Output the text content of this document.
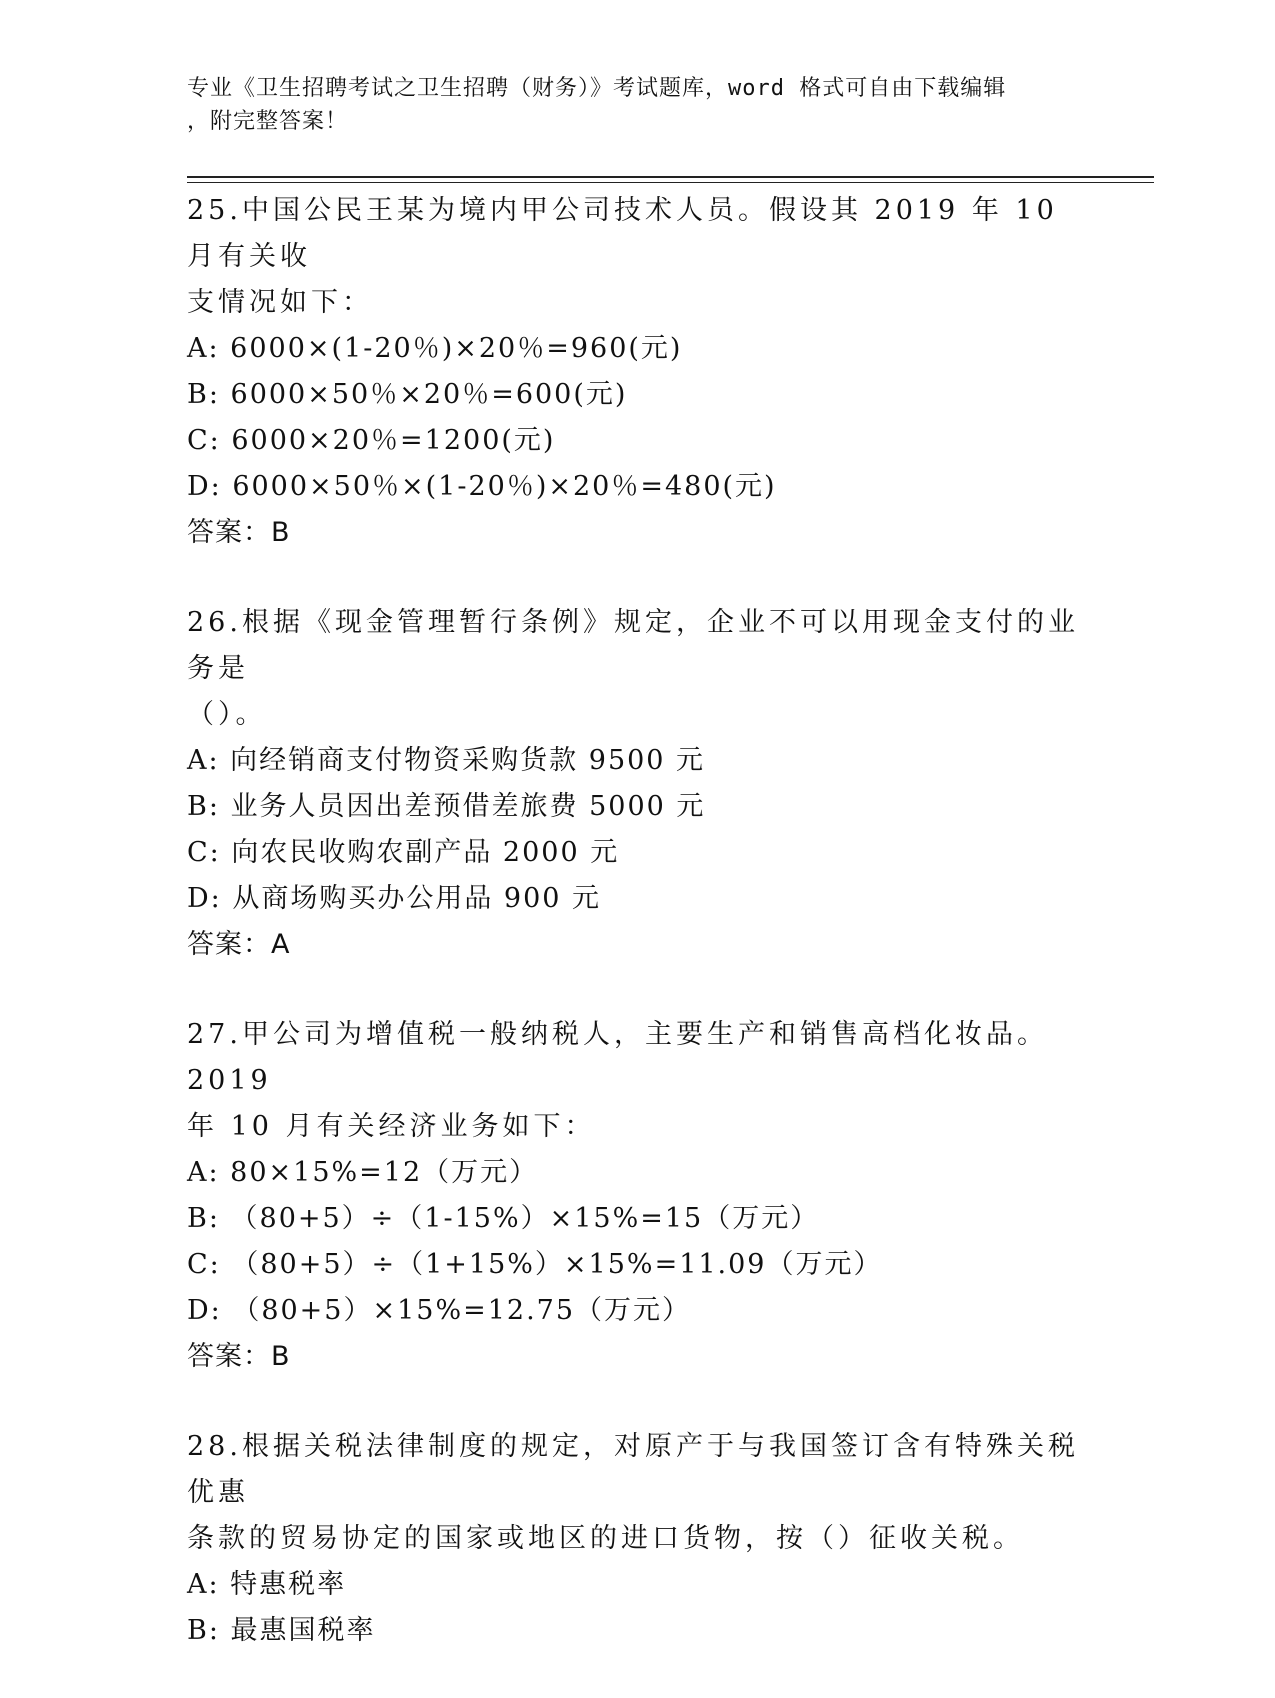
专业《卫生招聘考试之卫生招聘（财务）》考试题库，word 格式可自由下载编辑
，附完整答案！

25.中国公民王某为境内甲公司技术人员。假设其 2019 年 10 月有关收
支情况如下：

A: 6000×(1-20％)×20％=960(元)

B: 6000×50％×20％=600(元)

C: 6000×20％=1200(元)

D: 6000×50％×(1-20％)×20％=480(元)

答案：B

26.根据《现金管理暂行条例》规定，企业不可以用现金支付的业务是
（）。

A: 向经销商支付物资采购货款 9500 元

B: 业务人员因出差预借差旅费 5000 元

C: 向农民收购农副产品 2000 元

D: 从商场购买办公用品 900 元

答案：A

27.甲公司为增值税一般纳税人，主要生产和销售高档化妆品。2019
年 10 月有关经济业务如下：

A: 80×15%=12（万元）

B: （80+5）÷（1-15%）×15%=15（万元）

C: （80+5）÷（1+15%）×15%=11.09（万元）

D: （80+5）×15%=12.75（万元）

答案：B

28.根据关税法律制度的规定，对原产于与我国签订含有特殊关税优惠
条款的贸易协定的国家或地区的进口货物，按（）征收关税。

A: 特惠税率

B: 最惠国税率
